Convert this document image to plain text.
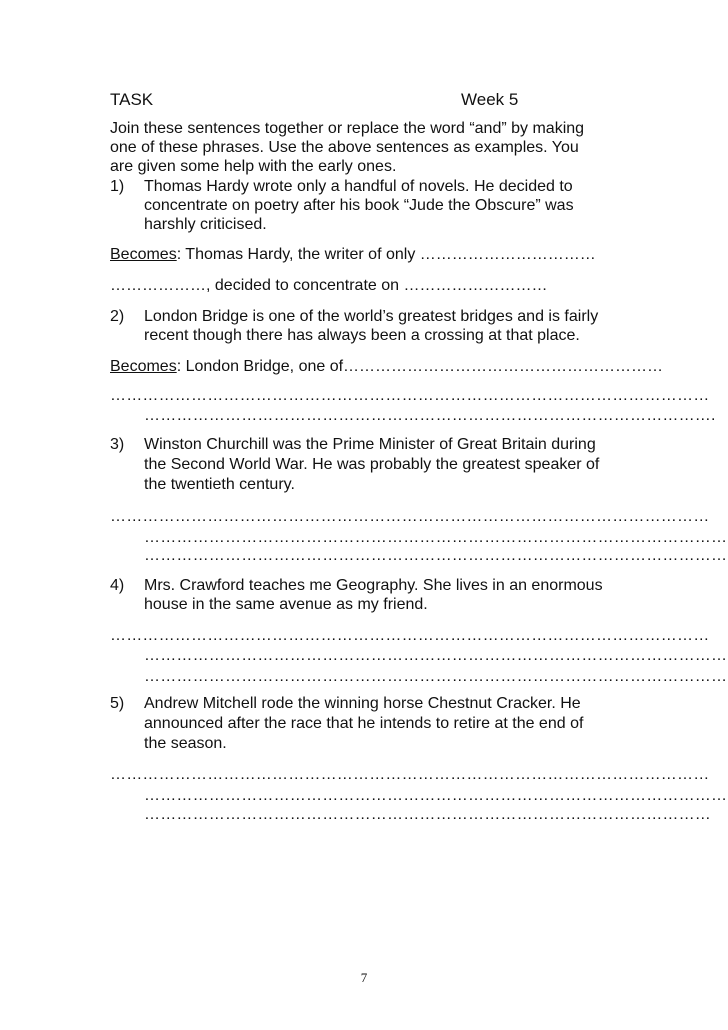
TASK	Week 5
Join these sentences together or replace the word “and” by making
one of these phrases. Use the above sentences as examples. You
are given some help with the early ones.
1) Thomas Hardy wrote only a handful of novels. He decided to
concentrate on poetry after his book “Jude the Obscure” was
harshly criticised.
Becomes: Thomas Hardy, the writer of only ……………………………
………………, decided to concentrate on ………………………
2) London Bridge is one of the world’s greatest bridges and is fairly
recent though there has always been a crossing at that place.
Becomes: London Bridge, one of……………………………………………………
…………………………………………………………………………………………………
…………………………………………………………………………………………….
3) Winston Churchill was the Prime Minister of Great Britain during
the Second World War. He was probably the greatest speaker of
the twentieth century.
…………………………………………………………………………………………………
………………………………………………………………………………………………
………………………………………………………………………………………………
4) Mrs. Crawford teaches me Geography. She lives in an enormous
house in the same avenue as my friend.
…………………………………………………………………………………………………
………………………………………………………………………………………………
………………………………………………………………………………………………
5) Andrew Mitchell rode the winning horse Chestnut Cracker. He
announced after the race that he intends to retire at the end of
the season.
…………………………………………………………………………………………………
………………………………………………………………………………………………
……………………………………………………………………………………………
7
